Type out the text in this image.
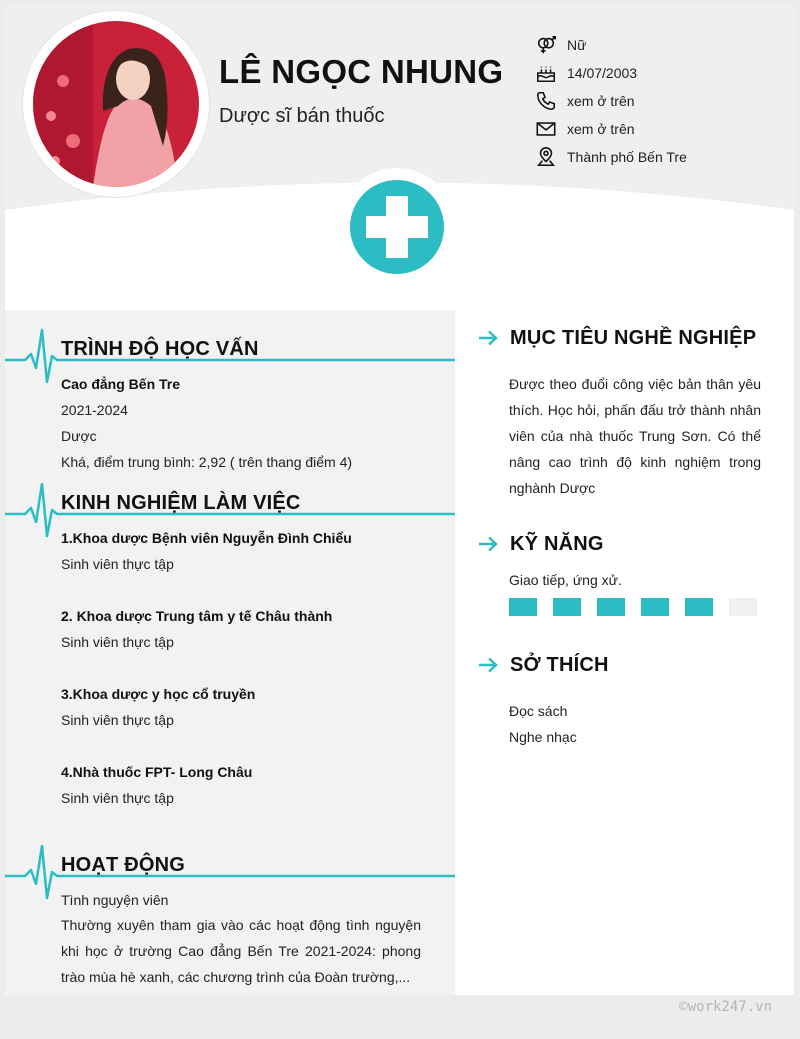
LÊ NGỌC NHUNG
Dược sĩ bán thuốc
Nữ
14/07/2003
xem ở trên
xem ở trên
Thành phố Bến Tre
TRÌNH ĐỘ HỌC VẤN
Cao đẳng Bến Tre
2021-2024
Dược
Khá, điểm trung bình: 2,92 ( trên thang điểm 4)
KINH NGHIỆM LÀM VIỆC
1.Khoa dược Bệnh viên Nguyễn Đình Chiểu
Sinh viên thực tập
2. Khoa dược Trung tâm y tế Châu thành
Sinh viên thực tập
3.Khoa dược y học cổ truyền
Sinh viên thực tập
4.Nhà thuốc FPT- Long Châu
Sinh viên thực tập
HOẠT ĐỘNG
Tình nguyện viên
Thường xuyên tham gia vào các hoạt động tình nguyện khi học ở trường Cao đẳng Bến Tre 2021-2024: phong trào mùa hè xanh, các chương trình của Đoàn trường,...
MỤC TIÊU NGHỀ NGHIỆP
Được theo đuổi công việc bản thân yêu thích. Học hỏi, phấn đấu trở thành nhân viên của nhà thuốc Trung Sơn. Có thể nâng cao trình độ kinh nghiệm trong nghành Dược
KỸ NĂNG
Giao tiếp, ứng xử.
SỞ THÍCH
Đọc sách
Nghe nhạc
©work247.vn
